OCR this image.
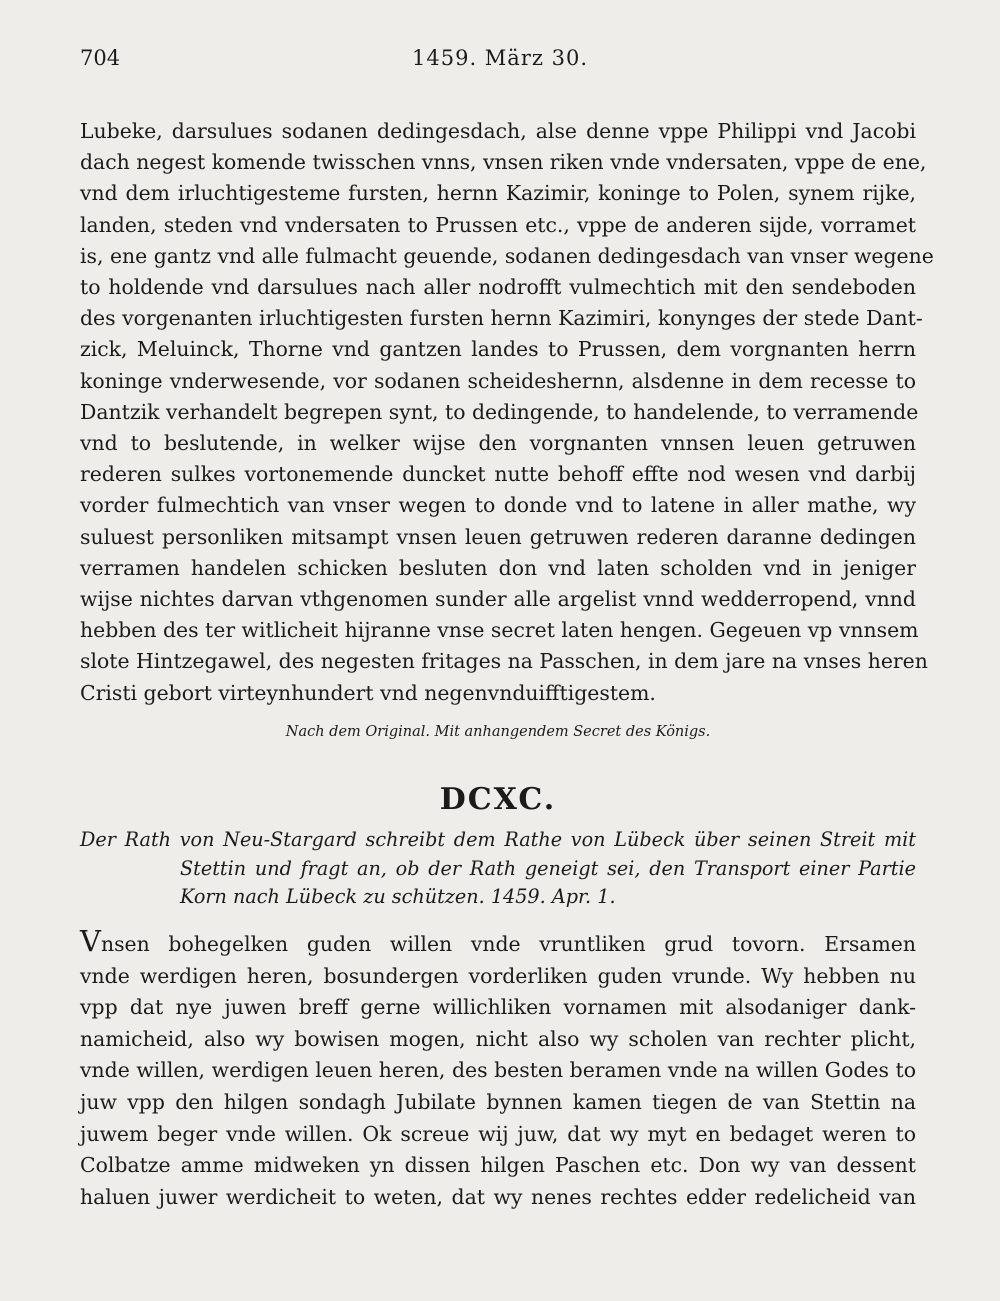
704	1459. März 30.
Lubeke, darsulues sodanen dedingesdach, alse denne vppe Philippi vnd Jacobi
dach negest komende twisschen vnns, vnsen riken vnde vndersaten, vppe de ene,
vnd dem irluchtigesteme fursten, hernn Kazimir, koninge to Polen, synem rijke,
landen, steden vnd vndersaten to Prussen etc., vppe de anderen sijde, vorramet
is, ene gantz vnd alle fulmacht geuende, sodanen dedingesdach van vnser wegene
to holdende vnd darsulues nach aller nodrofft vulmechtich mit den sendeboden
des vorgenanten irluchtigesten fursten hernn Kazimiri, konynges der stede Dant-
zick, Meluinck, Thorne vnd gantzen landes to Prussen, dem vorgnanten herrn
koninge vnderwesende, vor sodanen scheideshernn, alsdenne in dem recesse to
Dantzik verhandelt begrepen synt, to dedingende, to handelende, to verramende
vnd to beslutende, in welker wijse den vorgnanten vnnsen leuen getruwen
rederen sulkes vortonemende duncket nutte behoff effte nod wesen vnd darbij
vorder fulmechtich van vnser wegen to donde vnd to latene in aller mathe, wy
suluest personliken mitsampt vnsen leuen getruwen rederen daranne dedingen
verramen handelen schicken besluten don vnd laten scholden vnd in jeniger
wijse nichtes darvan vthgenomen sunder alle argelist vnnd wedderropend, vnnd
hebben des ter witlicheit hijranne vnse secret laten hengen. Gegeuen vp vnnsem
slote Hintzegawel, des negesten fritages na Passchen, in dem jare na vnses heren
Cristi gebort virteynhundert vnd negenvnduifftigestem.
Nach dem Original. Mit anhangendem Secret des Königs.
DCXC.
Der Rath von Neu-Stargard schreibt dem Rathe von Lübeck über seinen Streit mit
Stettin und fragt an, ob der Rath geneigt sei, den Transport einer Partie
Korn nach Lübeck zu schützen. 1459. Apr. 1.
Vnsen bohegelken guden willen vnde vruntliken grud tovorn. Ersamen
vnde werdigen heren, bosundergen vorderliken guden vrunde. Wy hebben nu
vpp dat nye juwen breff gerne willichliken vornamen mit alsodaniger dank-
namicheid, also wy bowisen mogen, nicht also wy scholen van rechter plicht,
vnde willen, werdigen leuen heren, des besten beramen vnde na willen Godes to
juw vpp den hilgen sondagh Jubilate bynnen kamen tiegen de van Stettin na
juwem beger vnde willen. Ok screue wij juw, dat wy myt en bedaget weren to
Colbatze amme midweken yn dissen hilgen Paschen etc. Don wy van dessent
haluen juwer werdicheit to weten, dat wy nenes rechtes edder redelicheid van
